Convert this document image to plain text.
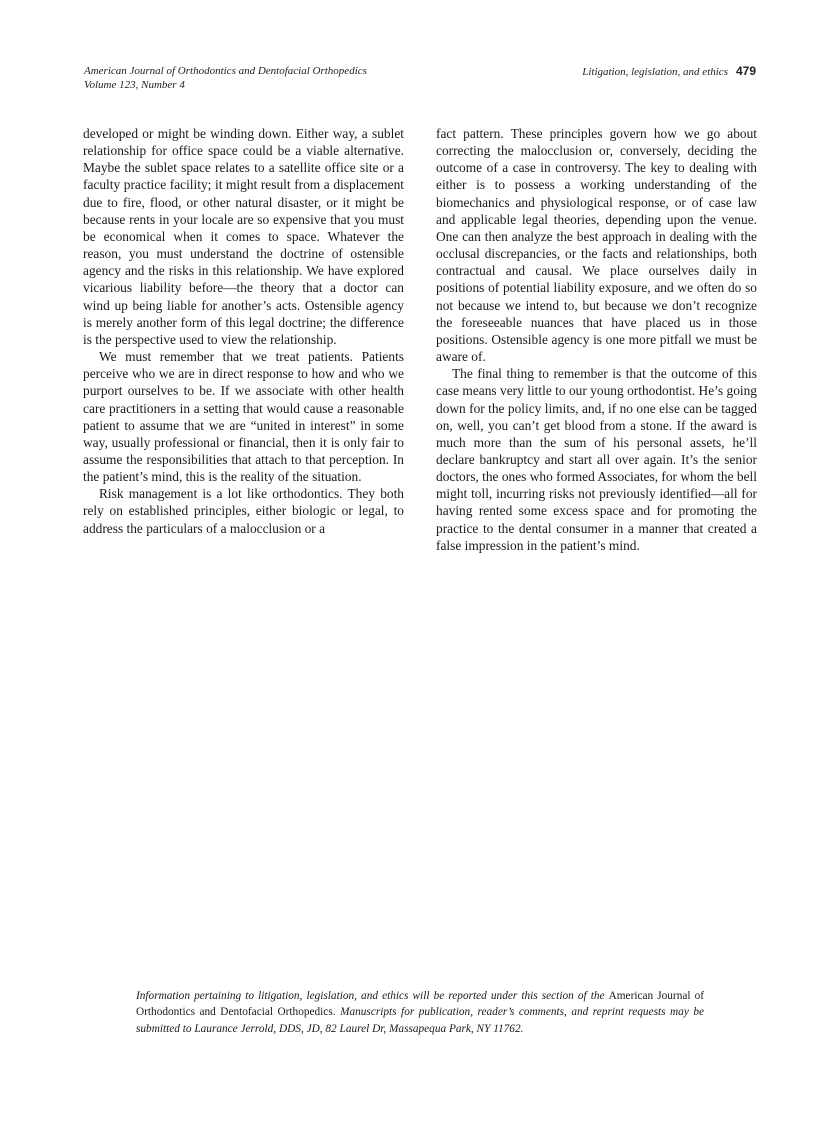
American Journal of Orthodontics and Dentofacial Orthopedics
Volume 123, Number 4
Litigation, legislation, and ethics 479

developed or might be winding down. Either way, a sublet relationship for office space could be a viable alternative. Maybe the sublet space relates to a satellite office site or a faculty practice facility; it might result from a displacement due to fire, flood, or other natural disaster, or it might be because rents in your locale are so expensive that you must be economical when it comes to space. Whatever the reason, you must understand the doctrine of ostensible agency and the risks in this relationship. We have explored vicarious liability before—the theory that a doctor can wind up being liable for another’s acts. Ostensible agency is merely another form of this legal doctrine; the difference is the perspective used to view the relationship.

We must remember that we treat patients. Patients perceive who we are in direct response to how and who we purport ourselves to be. If we associate with other health care practitioners in a setting that would cause a reasonable patient to assume that we are “united in interest” in some way, usually professional or financial, then it is only fair to assume the responsibilities that attach to that perception. In the patient’s mind, this is the reality of the situation.

Risk management is a lot like orthodontics. They both rely on established principles, either biologic or legal, to address the particulars of a malocclusion or a

fact pattern. These principles govern how we go about correcting the malocclusion or, conversely, deciding the outcome of a case in controversy. The key to dealing with either is to possess a working understanding of the biomechanics and physiological response, or of case law and applicable legal theories, depending upon the venue. One can then analyze the best approach in dealing with the occlusal discrepancies, or the facts and relationships, both contractual and causal. We place ourselves daily in positions of potential liability exposure, and we often do so not because we intend to, but because we don’t recognize the foreseeable nuances that have placed us in those positions. Ostensible agency is one more pitfall we must be aware of.

The final thing to remember is that the outcome of this case means very little to our young orthodontist. He’s going down for the policy limits, and, if no one else can be tagged on, well, you can’t get blood from a stone. If the award is much more than the sum of his personal assets, he’ll declare bankruptcy and start all over again. It’s the senior doctors, the ones who formed Associates, for whom the bell might toll, incurring risks not previously identified—all for having rented some excess space and for promoting the practice to the dental consumer in a manner that created a false impression in the patient’s mind.

Information pertaining to litigation, legislation, and ethics will be reported under this section of the American Journal of Orthodontics and Dentofacial Orthopedics. Manuscripts for publication, reader’s comments, and reprint requests may be submitted to Laurance Jerrold, DDS, JD, 82 Laurel Dr, Massapequa Park, NY 11762.
